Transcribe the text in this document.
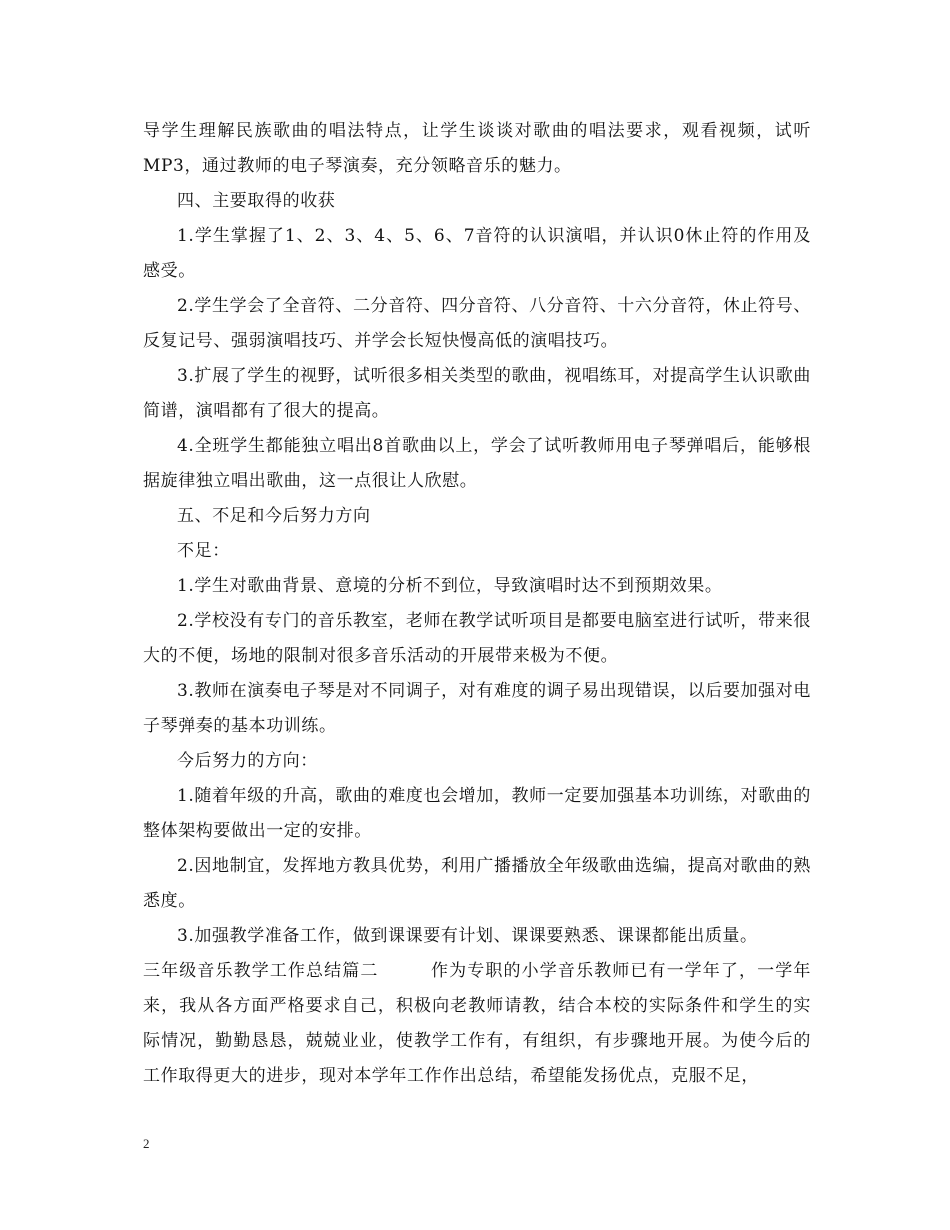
导学生理解民族歌曲的唱法特点，让学生谈谈对歌曲的唱法要求，观看视频，试听MP3，通过教师的电子琴演奏，充分领略音乐的魅力。

四、主要取得的收获

1.学生掌握了1、2、3、4、5、6、7音符的认识演唱，并认识0休止符的作用及感受。

2.学生学会了全音符、二分音符、四分音符、八分音符、十六分音符，休止符号、反复记号、强弱演唱技巧、并学会长短快慢高低的演唱技巧。

3.扩展了学生的视野，试听很多相关类型的歌曲，视唱练耳，对提高学生认识歌曲简谱，演唱都有了很大的提高。

4.全班学生都能独立唱出8首歌曲以上，学会了试听教师用电子琴弹唱后，能够根据旋律独立唱出歌曲，这一点很让人欣慰。

五、不足和今后努力方向

不足：

1.学生对歌曲背景、意境的分析不到位，导致演唱时达不到预期效果。

2.学校没有专门的音乐教室，老师在教学试听项目是都要电脑室进行试听，带来很大的不便，场地的限制对很多音乐活动的开展带来极为不便。

3.教师在演奏电子琴是对不同调子，对有难度的调子易出现错误，以后要加强对电子琴弹奏的基本功训练。

今后努力的方向：

1.随着年级的升高，歌曲的难度也会增加，教师一定要加强基本功训练，对歌曲的整体架构要做出一定的安排。

2.因地制宜，发挥地方教具优势，利用广播播放全年级歌曲选编，提高对歌曲的熟悉度。

3.加强教学准备工作，做到课课要有计划、课课要熟悉、课课都能出质量。

三年级音乐教学工作总结篇二	作为专职的小学音乐教师已有一学年了，一学年来，我从各方面严格要求自己，积极向老教师请教，结合本校的实际条件和学生的实际情况，勤勤恳恳，兢兢业业，使教学工作有，有组织，有步骤地开展。为使今后的工作取得更大的进步，现对本学年工作作出总结，希望能发扬优点，克服不足，

2
